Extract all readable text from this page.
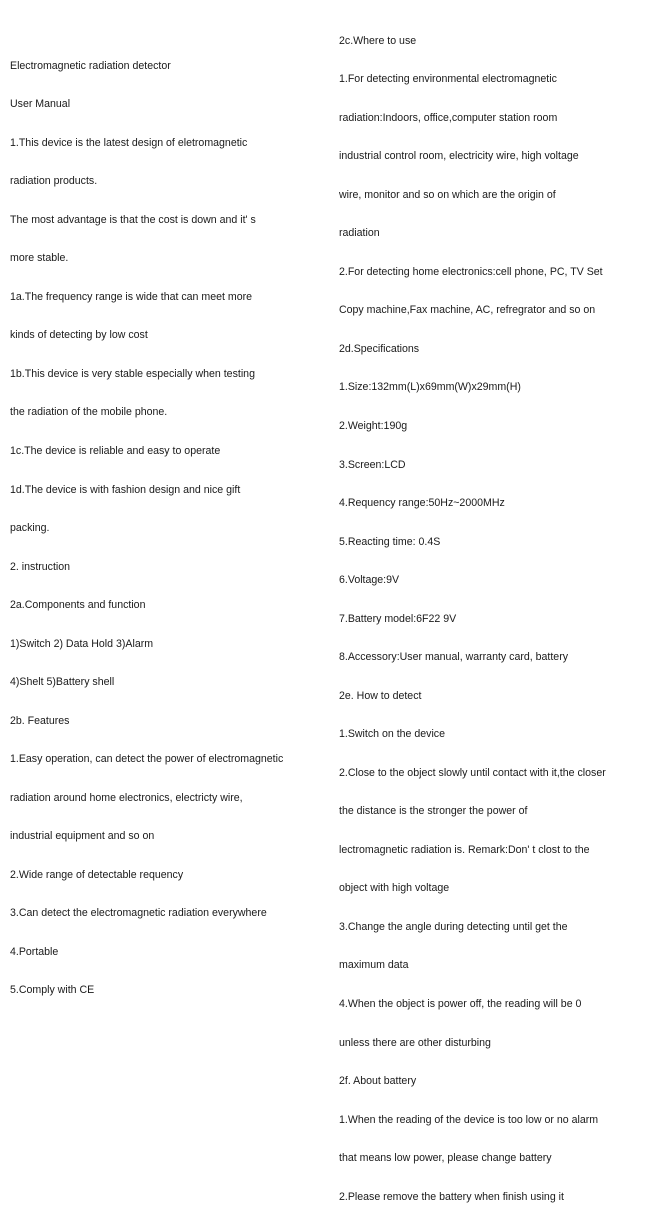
Electromagnetic radiation detector

User Manual

1.This device is the latest design of eletromagnetic

radiation products.

The most advantage is that the cost is down and it' s

more stable.

1a.The frequency range is wide that can meet more

kinds of detecting by low cost

1b.This device is very stable especially when testing

the radiation of the mobile phone.

1c.The device is reliable and easy to operate

1d.The device is with fashion design and nice gift

packing.

2. instruction

2a.Components and function

1)Switch 2) Data Hold 3)Alarm

4)Shelt 5)Battery shell

2b. Features

1.Easy operation, can detect the power of electromagnetic

radiation around home electronics, electricty wire,

industrial equipment and so on

2.Wide range of detectable requency

3.Can detect the electromagnetic radiation everywhere

4.Portable

5.Comply with CE

2c.Where to use

1.For detecting environmental electromagnetic

radiation:Indoors, office,computer station room

industrial control room, electricity wire, high voltage

wire, monitor and so on which are the origin of

radiation

2.For detecting home electronics:cell phone, PC, TV Set

Copy machine,Fax machine, AC, refregrator and so on

2d.Specifications

1.Size:132mm(L)x69mm(W)x29mm(H)

2.Weight:190g

3.Screen:LCD

4.Requency range:50Hz~2000MHz

5.Reacting time: 0.4S

6.Voltage:9V

7.Battery model:6F22 9V

8.Accessory:User manual, warranty card, battery

2e. How to detect

1.Switch on the device

2.Close to the object slowly until contact with it,the closer

the distance is the stronger the power of

lectromagnetic radiation is. Remark:Don' t clost to the

object with high voltage

3.Change the angle during detecting until get the

maximum data

4.When the object is power off, the reading will be 0

unless there are other disturbing

2f. About battery

1.When the reading of the device is too low or no alarm

that means low power, please change battery

2.Please remove the battery when finish using it
